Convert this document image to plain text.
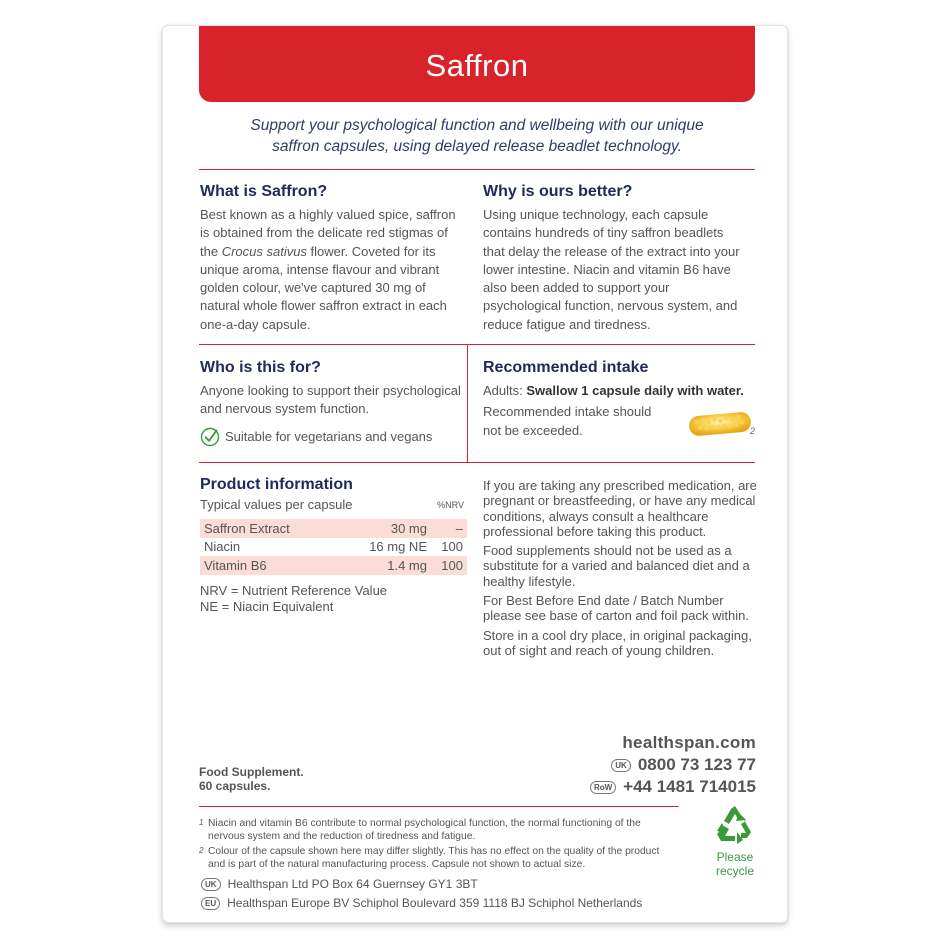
Saffron
Support your psychological function and wellbeing with our unique
saffron capsules, using delayed release beadlet technology.
What is Saffron?

Best known as a highly valued spice, saffron is obtained from the delicate red stigmas of the Crocus sativus flower. Coveted for its unique aroma, intense flavour and vibrant golden colour, we've captured 30 mg of natural whole flower saffron extract in each one-a-day capsule.

Why is ours better?

Using unique technology, each capsule contains hundreds of tiny saffron beadlets that delay the release of the extract into your lower intestine. Niacin and vitamin B6 have also been added to support your psychological function, nervous system, and reduce fatigue and tiredness.

Who is this for?

Anyone looking to support their psychological and nervous system function.

Suitable for vegetarians and vegans
Recommended intake

Adults: Swallow 1 capsule daily with water.

Recommended intake should not be exceeded.	2
Product information
Typical values per capsule	%NRV
Saffron Extract	30 mg	–
Niacin	16 mg NE	100
Vitamin B6	1.4 mg	100

NRV = Nutrient Reference Value

NE = Niacin Equivalent

If you are taking any prescribed medication, are pregnant or breastfeeding, or have any medical conditions, always consult a healthcare professional before taking this product.

Food supplements should not be used as a substitute for a varied and balanced diet and a healthy lifestyle.

For Best Before End date / Batch Number please see base of carton and foil pack within.

Store in a cool dry place, in original packaging, out of sight and reach of young children.

healthspan.com
UK 0800 73 123 77
RoW +44 1481 714015
Food Supplement.
60 capsules.
1 Niacin and vitamin B6 contribute to normal psychological function, the normal functioning of the nervous system and the reduction of tiredness and fatigue.
2 Colour of the capsule shown here may differ slightly. This has no effect on the quality of the product and is part of the natural manufacturing process. Capsule not shown to actual size.
UK Healthspan Ltd PO Box 64 Guernsey GY1 3BT
EU Healthspan Europe BV Schiphol Boulevard 359 1118 BJ Schiphol Netherlands
Please
recycle
